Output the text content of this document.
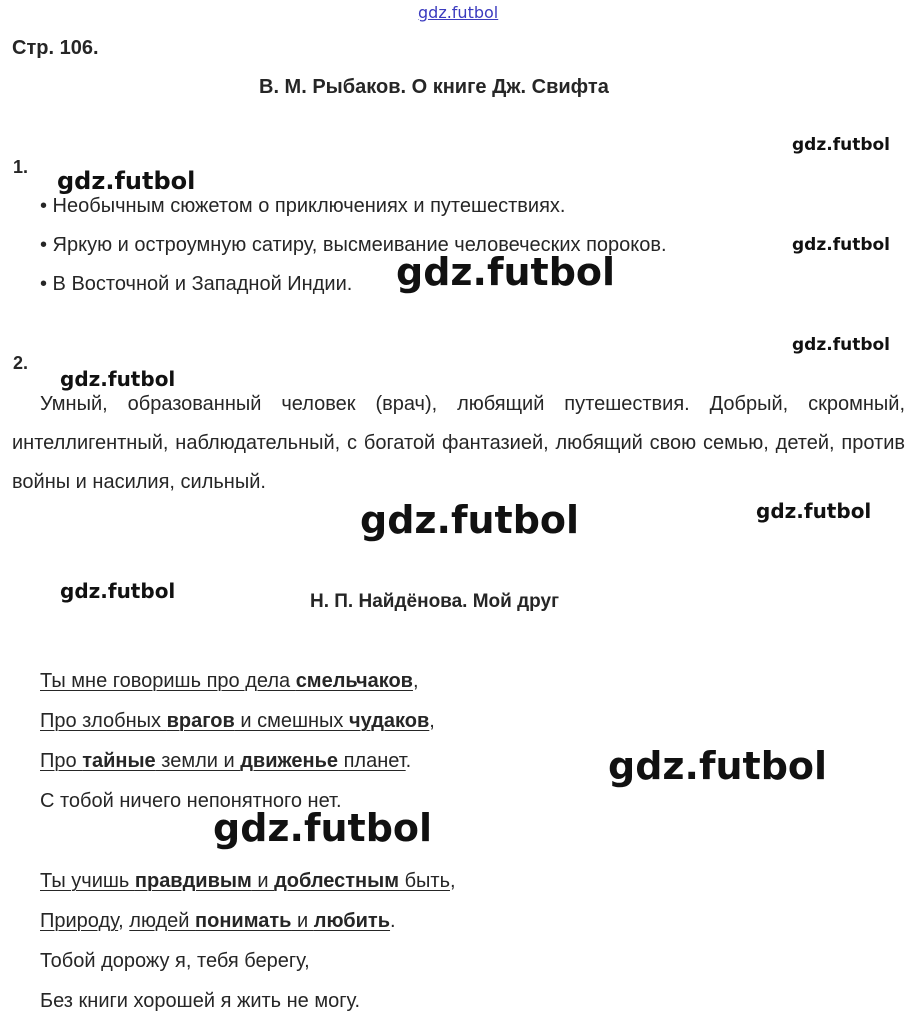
gdz.futbol
gdz.futbol
gdz.futbol
gdz.futbol
gdz.futbol
gdz.futbol
gdz.futbol
gdz.futbol	gdz.futbol
gdz.futbol
gdz.futbol
gdz.futbol
Стр. 106.
В. М. Рыбаков. О книге Дж. Свифта
1.
• Необычным сюжетом о приключениях и путешествиях.
• Яркую и остроумную сатиру, высмеивание человеческих пороков.
• В Восточной и Западной Индии.
2.
Умный, образованный человек (врач), любящий путешествия. Добрый, скромный, интеллигентный, наблюдательный, с богатой фантазией, любящий свою семью, детей, против войны и насилия, сильный.
Н. П. Найдёнова. Мой друг
Ты мне говоришь про дела смельчаков,
Про злобных врагов и смешных чудаков,
Про тайные земли и движенье планет.
С тобой ничего непонятного нет.
Ты учишь правдивым и доблестным быть,
Природу, людей понимать и любить.
Тобой дорожу я, тебя берегу,
Без книги хорошей я жить не могу.
